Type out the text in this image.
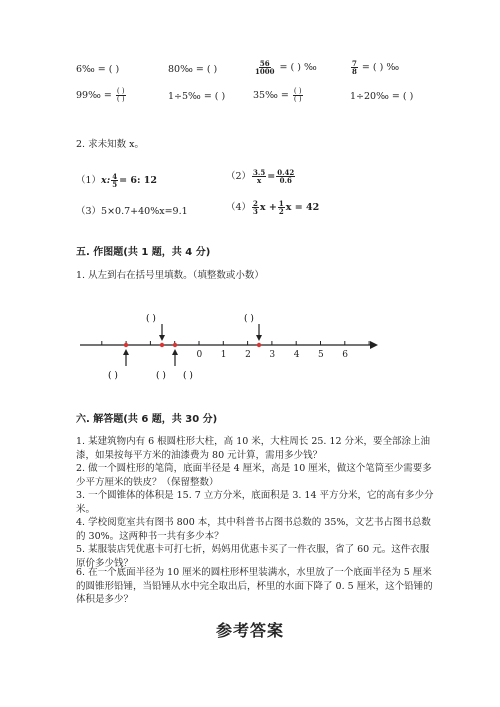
6‰ = ( )	80‰ = ( )	$\frac{56}{1000}$ = ( ) ‰	$\frac{7}{8}$ = ( ) ‰
99‰ = $\frac{( )}{( )}$	1÷5‰ = ( )	35‰ = $\frac{( )}{( )}$	1÷20‰ = ( )
2. 求未知数 x。
（1）x: $\frac{4}{5} = 6$: 12	$(2) \frac{3.5}{x} = \frac{0.42}{0.6}$
（3）5×0.7+40%x=9.1	$(4) \frac{2}{3}$ $x + \frac{1}{2}$ x = 42
五. 作图题(共 1 题，共 4 分)
1. 从左到右在括号里填数。（填整数或小数）
0 1 2 3 4 5 6
( )	( )
( )	( ) ( )
六. 解答题(共 6 题，共 30 分)
1. 某建筑物内有 6 根圆柱形大柱，高 10 米，大柱周长 25. 12 分米，要全部涂上油漆，如果按每平方米的油漆费为 80 元计算，需用多少钱？
2. 做一个圆柱形的笔筒，底面半径是 4 厘米，高是 10 厘米，做这个笔筒至少需要多少平方厘米的铁皮？（保留整数）
3. 一个圆锥体的体积是 15. 7 立方分米，底面积是 3. 14 平方分米，它的高有多少分米。
4. 学校阅览室共有图书 800 本，其中科普书占图书总数的 35%，文艺书占图书总数的 30%。这两种书一共有多少本？
5. 某服装店凭优惠卡可打七折，妈妈用优惠卡买了一件衣服，省了 60 元。这件衣服原价多少钱？
6. 在一个底面半径为 10 厘米的圆柱形杯里装满水，水里放了一个底面半径为 5 厘米的圆锥形铅锤，当铅锤从水中完全取出后，杯里的水面下降了 0. 5 厘米，这个铅锤的体积是多少？
参考答案
